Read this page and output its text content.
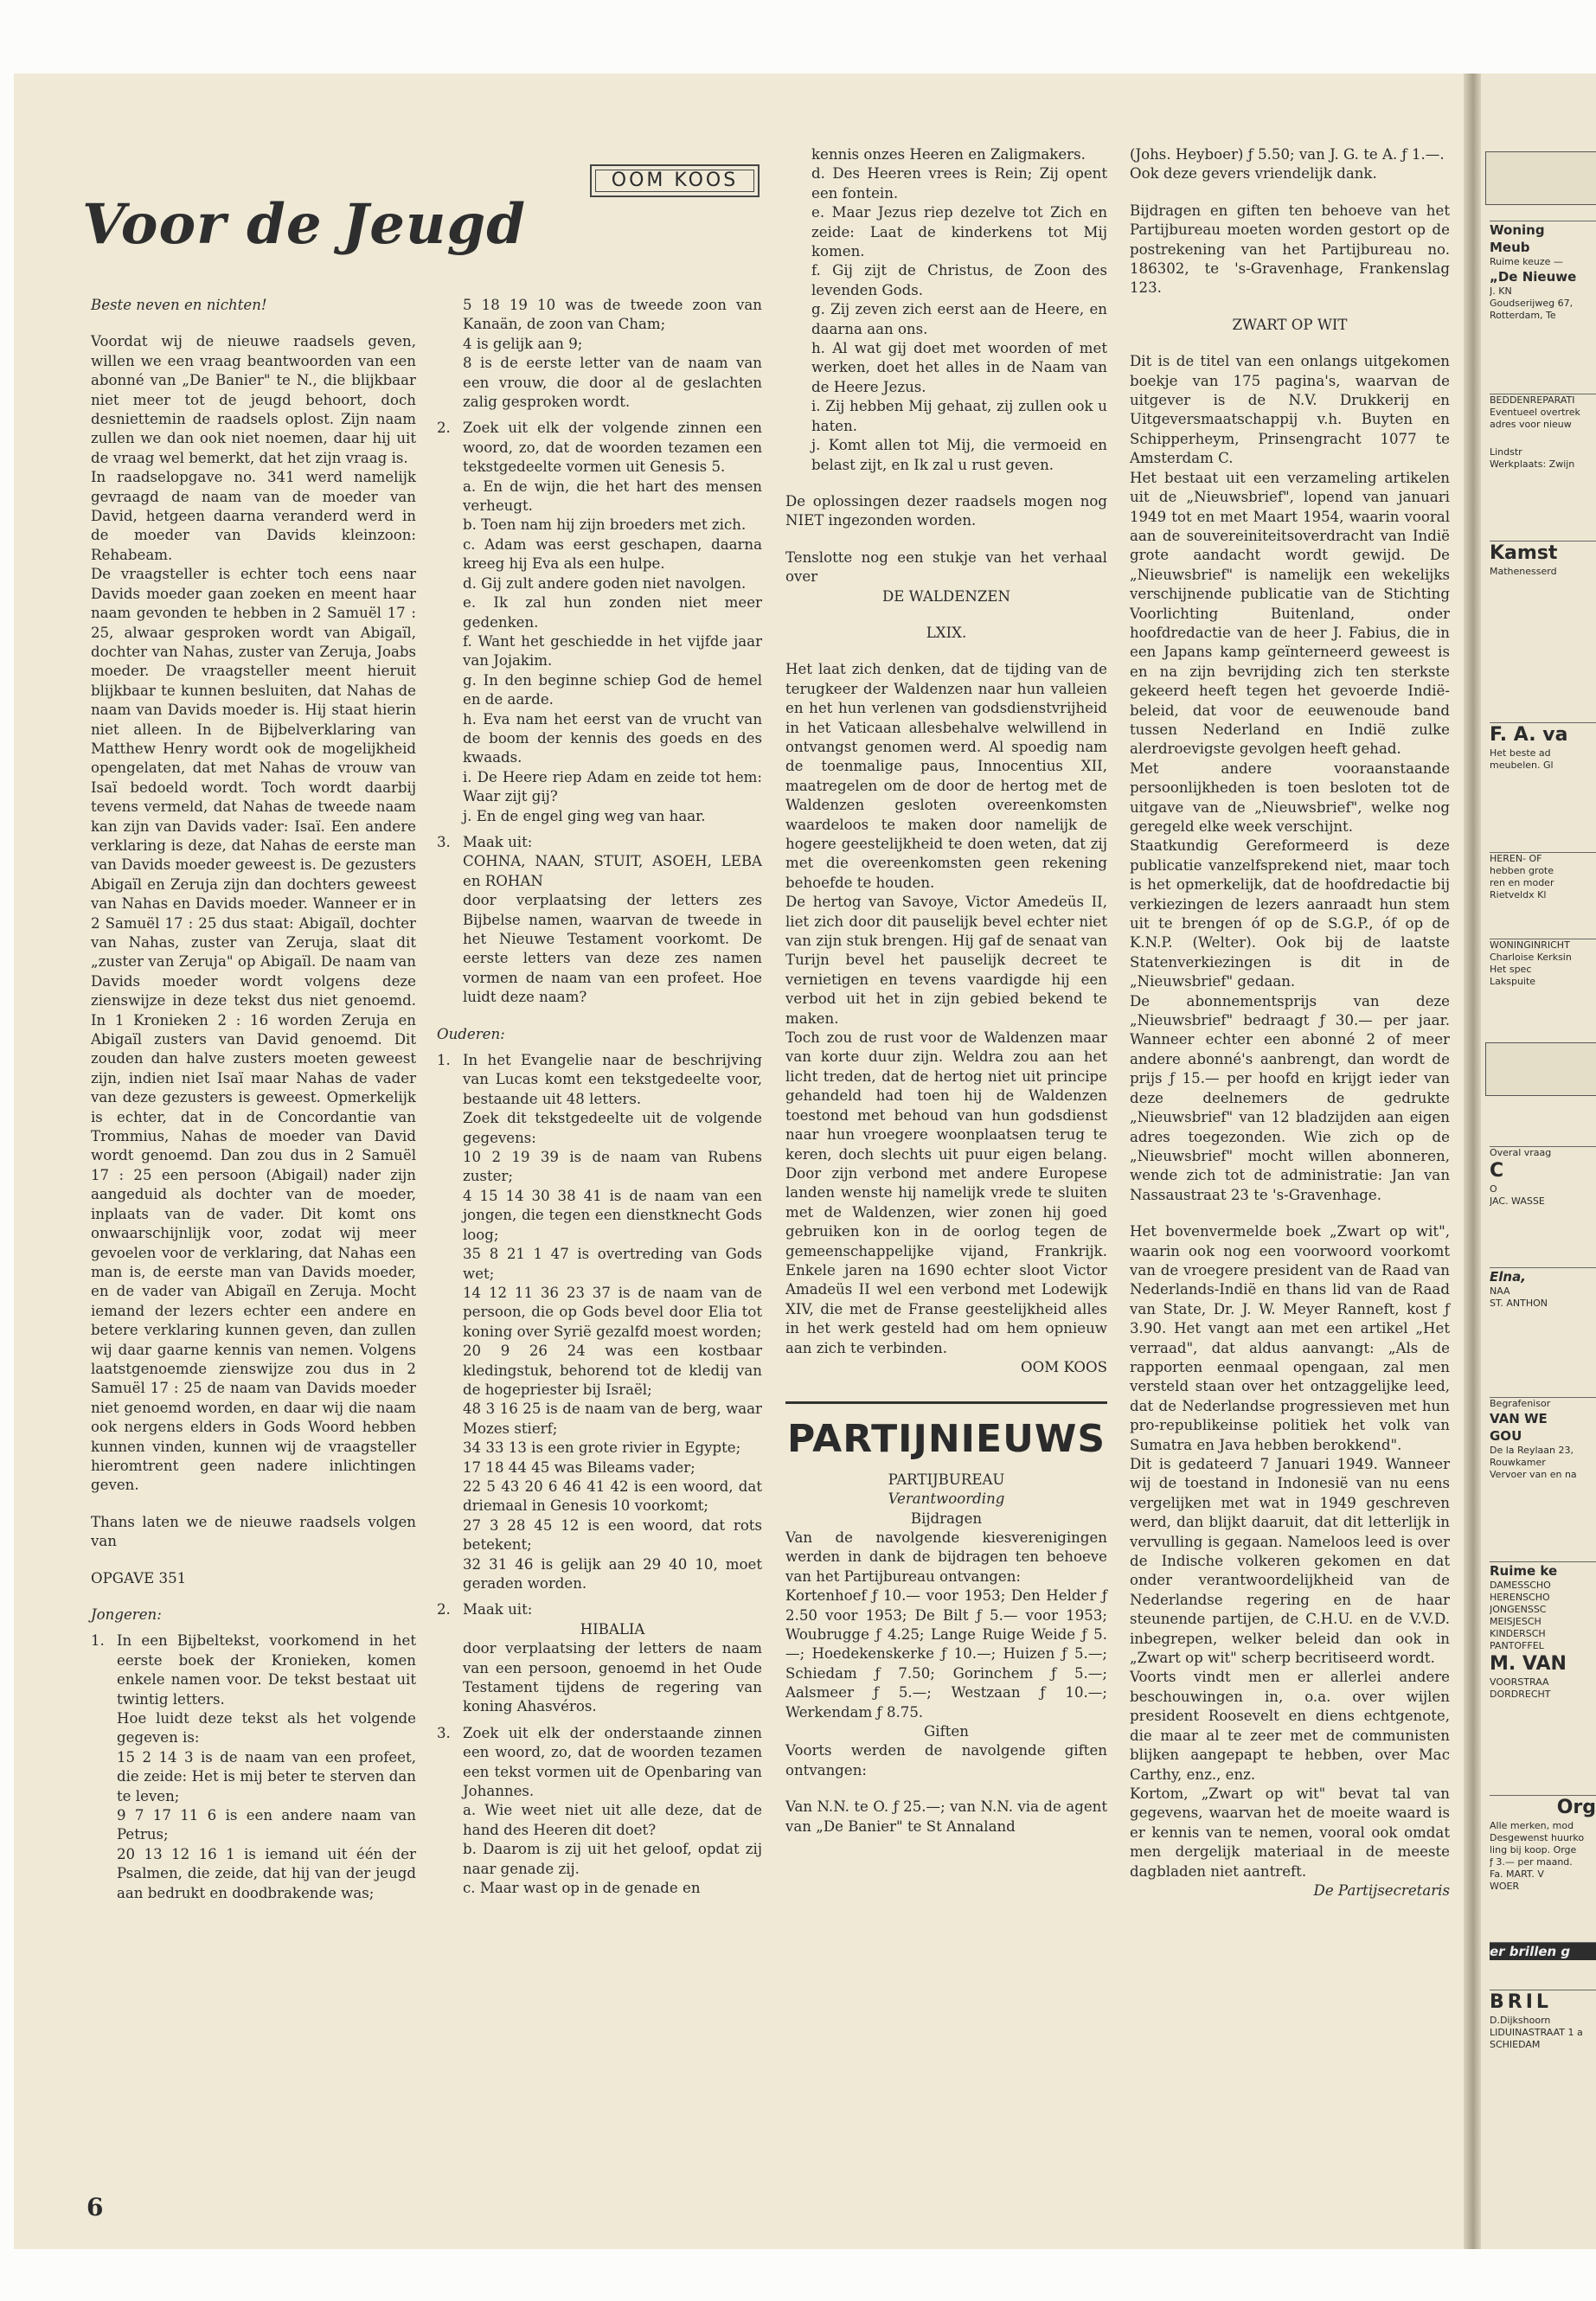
Voor de Jeugd
OOM KOOS

Beste neven en nichten!

Voordat wij de nieuwe raadsels geven, willen we een vraag beantwoorden van een abonné van „De Banier" te N., die blijkbaar niet meer tot de jeugd behoort, doch desniettemin de raadsels oplost. Zijn naam zullen we dan ook niet noemen, daar hij uit de vraag wel bemerkt, dat het zijn vraag is.

In raadselopgave no. 341 werd namelijk gevraagd de naam van de moeder van David, hetgeen daarna veranderd werd in de moeder van Davids kleinzoon: Rehabeam.

De vraagsteller is echter toch eens naar Davids moeder gaan zoeken en meent haar naam gevonden te hebben in 2 Samuël 17 : 25, alwaar gesproken wordt van Abigaïl, dochter van Nahas, zuster van Zeruja, Joabs moeder. De vraagsteller meent hieruit blijkbaar te kunnen besluiten, dat Nahas de naam van Davids moeder is. Hij staat hierin niet alleen. In de Bijbelverklaring van Matthew Henry wordt ook de mogelijkheid opengelaten, dat met Nahas de vrouw van Isaï bedoeld wordt. Toch wordt daarbij tevens vermeld, dat Nahas de tweede naam kan zijn van Davids vader: Isaï. Een andere verklaring is deze, dat Nahas de eerste man van Davids moeder geweest is. De gezusters Abigaïl en Zeruja zijn dan dochters geweest van Nahas en Davids moeder. Wanneer er in 2 Samuël 17 : 25 dus staat: Abigaïl, dochter van Nahas, zuster van Zeruja, slaat dit „zuster van Zeruja" op Abigaïl. De naam van Davids moeder wordt volgens deze zienswijze in deze tekst dus niet genoemd. In 1 Kronieken 2 : 16 worden Zeruja en Abigaïl zusters van David genoemd. Dit zouden dan halve zusters moeten geweest zijn, indien niet Isaï maar Nahas de vader van deze gezusters is geweest. Opmerkelijk is echter, dat in de Concordantie van Trommius, Nahas de moeder van David wordt genoemd. Dan zou dus in 2 Samuël 17 : 25 een persoon (Abigail) nader zijn aangeduid als dochter van de moeder, inplaats van de vader. Dit komt ons onwaarschijnlijk voor, zodat wij meer gevoelen voor de verklaring, dat Nahas een man is, de eerste man van Davids moeder, en de vader van Abigaïl en Zeruja. Mocht iemand der lezers echter een andere en betere verklaring kunnen geven, dan zullen wij daar gaarne kennis van nemen. Volgens laatstgenoemde zienswijze zou dus in 2 Samuël 17 : 25 de naam van Davids moeder niet genoemd worden, en daar wij die naam ook nergens elders in Gods Woord hebben kunnen vinden, kunnen wij de vraagsteller hieromtrent geen nadere inlichtingen geven.

Thans laten we de nieuwe raadsels volgen van

OPGAVE 351

Jongeren:

1. In een Bijbeltekst, voorkomend in het eerste boek der Kronieken, komen enkele namen voor. De tekst bestaat uit twintig letters.

Hoe luidt deze tekst als het volgende gegeven is:

15 2 14 3 is de naam van een profeet, die zeide: Het is mij beter te sterven dan te leven;

9 7 17 11 6 is een andere naam van Petrus;

20 13 12 16 1 is iemand uit één der Psalmen, die zeide, dat hij van der jeugd aan bedrukt en doodbrakende was;

5 18 19 10 was de tweede zoon van Kanaän, de zoon van Cham;

4 is gelijk aan 9;

8 is de eerste letter van de naam van een vrouw, die door al de geslachten zalig gesproken wordt.

2. Zoek uit elk der volgende zinnen een woord, zo, dat de woorden tezamen een tekstgedeelte vormen uit Genesis 5.

a. En de wijn, die het hart des mensen verheugt.

b. Toen nam hij zijn broeders met zich.

c. Adam was eerst geschapen, daarna kreeg hij Eva als een hulpe.

d. Gij zult andere goden niet navolgen.

e. Ik zal hun zonden niet meer gedenken.

f. Want het geschiedde in het vijfde jaar van Jojakim.

g. In den beginne schiep God de hemel en de aarde.

h. Eva nam het eerst van de vrucht van de boom der kennis des goeds en des kwaads.

i. De Heere riep Adam en zeide tot hem: Waar zijt gij?

j. En de engel ging weg van haar.

3. Maak uit:

COHNA, NAAN, STUIT, ASOEH, LEBA en ROHAN

door verplaatsing der letters zes Bijbelse namen, waarvan de tweede in het Nieuwe Testament voorkomt. De eerste letters van deze zes namen vormen de naam van een profeet. Hoe luidt deze naam?

Ouderen:

1. In het Evangelie naar de beschrijving van Lucas komt een tekstgedeelte voor, bestaande uit 48 letters.

Zoek dit tekstgedeelte uit de volgende gegevens:

10 2 19 39 is de naam van Rubens zuster;

4 15 14 30 38 41 is de naam van een jongen, die tegen een dienstknecht Gods loog;

35 8 21 1 47 is overtreding van Gods wet;

14 12 11 36 23 37 is de naam van de persoon, die op Gods bevel door Elia tot koning over Syrië gezalfd moest worden;

20 9 26 24 was een kostbaar kledingstuk, behorend tot de kledij van de hogepriester bij Israël;

48 3 16 25 is de naam van de berg, waar Mozes stierf;

34 33 13 is een grote rivier in Egypte;

17 18 44 45 was Bileams vader;

22 5 43 20 6 46 41 42 is een woord, dat driemaal in Genesis 10 voorkomt;

27 3 28 45 12 is een woord, dat rots betekent;

32 31 46 is gelijk aan 29 40 10, moet geraden worden.

2. Maak uit:

HIBALIA

door verplaatsing der letters de naam van een persoon, genoemd in het Oude Testament tijdens de regering van koning Ahasvéros.

3. Zoek uit elk der onderstaande zinnen een woord, zo, dat de woorden tezamen een tekst vormen uit de Openbaring van Johannes.

a. Wie weet niet uit alle deze, dat de hand des Heeren dit doet?

b. Daarom is zij uit het geloof, opdat zij naar genade zij.

c. Maar wast op in de genade en

kennis onzes Heeren en Zaligmakers.

d. Des Heeren vrees is Rein; Zij opent een fontein.

e. Maar Jezus riep dezelve tot Zich en zeide: Laat de kinderkens tot Mij komen.

f. Gij zijt de Christus, de Zoon des levenden Gods.

g. Zij zeven zich eerst aan de Heere, en daarna aan ons.

h. Al wat gij doet met woorden of met werken, doet het alles in de Naam van de Heere Jezus.

i. Zij hebben Mij gehaat, zij zullen ook u haten.

j. Komt allen tot Mij, die vermoeid en belast zijt, en Ik zal u rust geven.

De oplossingen dezer raadsels mogen nog NIET ingezonden worden.

Tenslotte nog een stukje van het verhaal over

DE WALDENZEN

LXIX.

Het laat zich denken, dat de tijding van de terugkeer der Waldenzen naar hun valleien en het hun verlenen van godsdienstvrijheid in het Vaticaan allesbehalve welwillend in ontvangst genomen werd. Al spoedig nam de toenmalige paus, Innocentius XII, maatregelen om de door de hertog met de Waldenzen gesloten overeenkomsten waardeloos te maken door namelijk de hogere geestelijkheid te doen weten, dat zij met die overeenkomsten geen rekening behoefde te houden.

De hertog van Savoye, Victor Amedeüs II, liet zich door dit pauselijk bevel echter niet van zijn stuk brengen. Hij gaf de senaat van Turijn bevel het pauselijk decreet te vernietigen en tevens vaardigde hij een verbod uit het in zijn gebied bekend te maken.

Toch zou de rust voor de Waldenzen maar van korte duur zijn. Weldra zou aan het licht treden, dat de hertog niet uit principe gehandeld had toen hij de Waldenzen toestond met behoud van hun godsdienst naar hun vroegere woonplaatsen terug te keren, doch slechts uit puur eigen belang. Door zijn verbond met andere Europese landen wenste hij namelijk vrede te sluiten met de Waldenzen, wier zonen hij goed gebruiken kon in de oorlog tegen de gemeenschappelijke vijand, Frankrijk. Enkele jaren na 1690 echter sloot Victor Amadeüs II wel een verbond met Lodewijk XIV, die met de Franse geestelijkheid alles in het werk gesteld had om hem opnieuw aan zich te verbinden.

OOM KOOS

PARTIJNIEUWS

PARTIJBUREAU

Verantwoording

Bijdragen

Van de navolgende kiesverenigingen werden in dank de bijdragen ten behoeve van het Partijbureau ontvangen:

Kortenhoef ƒ 10.— voor 1953; Den Helder ƒ 2.50 voor 1953; De Bilt ƒ 5.— voor 1953; Woubrugge ƒ 4.25; Lange Ruige Weide ƒ 5.—; Hoedekenskerke ƒ 10.—; Huizen ƒ 5.—; Schiedam ƒ 7.50; Gorinchem ƒ 5.—; Aalsmeer ƒ 5.—; Westzaan ƒ 10.—; Werkendam ƒ 8.75.

Giften

Voorts werden de navolgende giften ontvangen:

Van N.N. te O. ƒ 25.—; van N.N. via de agent van „De Banier" te St Annaland

(Johs. Heyboer) ƒ 5.50; van J. G. te A. ƒ 1.—.

Ook deze gevers vriendelijk dank.

Bijdragen en giften ten behoeve van het Partijbureau moeten worden gestort op de postrekening van het Partijbureau no. 186302, te 's-Gravenhage, Frankenslag 123.

ZWART OP WIT

Dit is de titel van een onlangs uitgekomen boekje van 175 pagina's, waarvan de uitgever is de N.V. Drukkerij en Uitgeversmaatschappij v.h. Buyten en Schipperheym, Prinsengracht 1077 te Amsterdam C.

Het bestaat uit een verzameling artikelen uit de „Nieuwsbrief", lopend van januari 1949 tot en met Maart 1954, waarin vooral aan de souvereiniteitsoverdracht van Indië grote aandacht wordt gewijd. De „Nieuwsbrief" is namelijk een wekelijks verschijnende publicatie van de Stichting Voorlichting Buitenland, onder hoofdredactie van de heer J. Fabius, die in een Japans kamp geïnterneerd geweest is en na zijn bevrijding zich ten sterkste gekeerd heeft tegen het gevoerde Indië-beleid, dat voor de eeuwenoude band tussen Nederland en Indië zulke alerdroevigste gevolgen heeft gehad.

Met andere vooraanstaande persoonlijkheden is toen besloten tot de uitgave van de „Nieuwsbrief", welke nog geregeld elke week verschijnt.

Staatkundig Gereformeerd is deze publicatie vanzelfsprekend niet, maar toch is het opmerkelijk, dat de hoofdredactie bij verkiezingen de lezers aanraadt hun stem uit te brengen óf op de S.G.P., óf op de K.N.P. (Welter). Ook bij de laatste Statenverkiezingen is dit in de „Nieuwsbrief" gedaan.

De abonnementsprijs van deze „Nieuwsbrief" bedraagt ƒ 30.— per jaar. Wanneer echter een abonné 2 of meer andere abonné's aanbrengt, dan wordt de prijs ƒ 15.— per hoofd en krijgt ieder van deze deelnemers de gedrukte „Nieuwsbrief" van 12 bladzijden aan eigen adres toegezonden. Wie zich op de „Nieuwsbrief" mocht willen abonneren, wende zich tot de administratie: Jan van Nassaustraat 23 te 's-Gravenhage.

Het bovenvermelde boek „Zwart op wit", waarin ook nog een voorwoord voorkomt van de vroegere president van de Raad van Nederlands-Indië en thans lid van de Raad van State, Dr. J. W. Meyer Ranneft, kost ƒ 3.90. Het vangt aan met een artikel „Het verraad", dat aldus aanvangt: „Als de rapporten eenmaal opengaan, zal men versteld staan over het ontzaggelijke leed, dat de Nederlandse progressieven met hun pro-republikeinse politiek het volk van Sumatra en Java hebben berokkend".

Dit is gedateerd 7 Januari 1949. Wanneer wij de toestand in Indonesië van nu eens vergelijken met wat in 1949 geschreven werd, dan blijkt daaruit, dat dit letterlijk in vervulling is gegaan. Nameloos leed is over de Indische volkeren gekomen en dat onder verantwoordelijkheid van de Nederlandse regering en de haar steunende partijen, de C.H.U. en de V.V.D. inbegrepen, welker beleid dan ook in „Zwart op wit" scherp becritiseerd wordt.

Voorts vindt men er allerlei andere beschouwingen in, o.a. over wijlen president Roosevelt en diens echtgenote, die maar al te zeer met de communisten blijken aangepapt te hebben, over Mac Carthy, enz., enz.

Kortom, „Zwart op wit" bevat tal van gegevens, waarvan het de moeite waard is er kennis van te nemen, vooral ook omdat men dergelijk materiaal in de meeste dagbladen niet aantreft.

De Partijsecretaris

6
Woning
Meub
Ruime keuze —
„De Nieuwe
J. KN
Goudserijweg 67,
Rotterdam, Te
BEDDENREPARATI
Eventueel overtrek
adres voor nieuw
Lindstr
Werkplaats: Zwijn
Kamst
Mathenesserd
F. A. va
Het beste ad
meubelen. Gl
HEREN- OF
hebben grote
ren en moder
Rietveldx Kl
WONINGINRICHT
Charloise Kerksin
Het spec
Lakspuite
Overal vraag
C
O
JAC. WASSE
Elna,
NAA
ST. ANTHON
Begrafenisor
VAN WE
GOU
De la Reylaan 23,
Rouwkamer
Vervoer van en na
Ruime ke
DAMESSCHO
HERENSCHO
JONGENSSC
MEISJESCH
KINDERSCH
PANTOFFEL
M. VAN
VOORSTRAA
DORDRECHT
Org
Alle merken, mod
Desgewenst huurko
ling bij koop. Orge
ƒ 3.— per maand.
Fa. MART. V
WOER
er brillen g
BRIL
D.Dijkshoorn
LIDUINASTRAAT 1 a
SCHIEDAM
